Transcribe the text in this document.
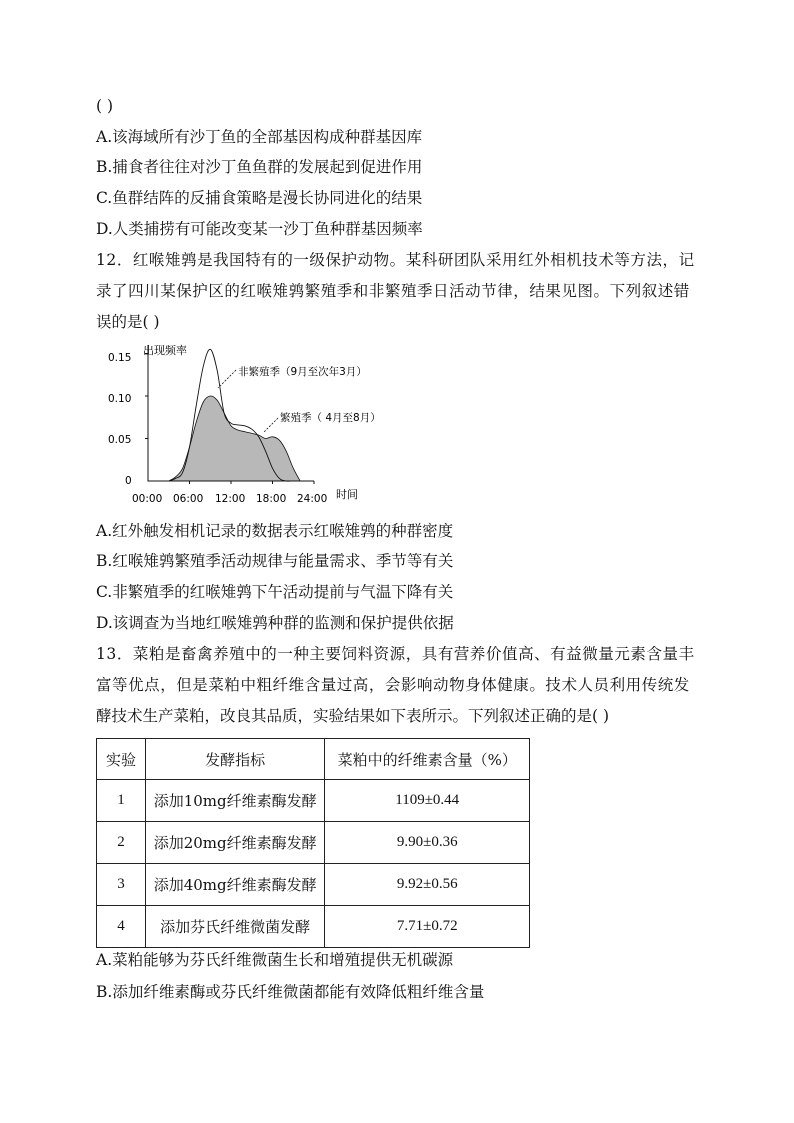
( )
A.该海域所有沙丁鱼的全部基因构成种群基因库
B.捕食者往往对沙丁鱼鱼群的发展起到促进作用
C.鱼群结阵的反捕食策略是漫长协同进化的结果
D.人类捕捞有可能改变某一沙丁鱼种群基因频率
12．红喉雉鹑是我国特有的一级保护动物。某科研团队采用红外相机技术等方法，记
录了四川某保护区的红喉雉鹑繁殖季和非繁殖季日活动节律，结果见图。下列叙述错
误的是( )
出现频率
时间
0.15
0.10
0.05
0
00:00 06:00 12:00 18:00 24:00
非繁殖季（9月至次年3月）
繁殖季（ 4月至8月）
A.红外触发相机记录的数据表示红喉雉鹑的种群密度
B.红喉雉鹑繁殖季活动规律与能量需求、季节等有关
C.非繁殖季的红喉雉鹑下午活动提前与气温下降有关
D.该调查为当地红喉雉鹑种群的监测和保护提供依据
13．菜粕是畜禽养殖中的一种主要饲料资源，具有营养价值高、有益微量元素含量丰
富等优点，但是菜粕中粗纤维含量过高，会影响动物身体健康。技术人员利用传统发
酵技术生产菜粕，改良其品质，实验结果如下表所示。下列叙述正确的是( )
实验	发酵指标	菜粕中的纤维素含量（%）
1	添加10mg纤维素酶发酵	1109±0.44
2	添加20mg纤维素酶发酵	9.90±0.36
3	添加40mg纤维素酶发酵	9.92±0.56
4	添加芬氏纤维微菌发酵	7.71±0.72
A.菜粕能够为芬氏纤维微菌生长和增殖提供无机碳源
B.添加纤维素酶或芬氏纤维微菌都能有效降低粗纤维含量
